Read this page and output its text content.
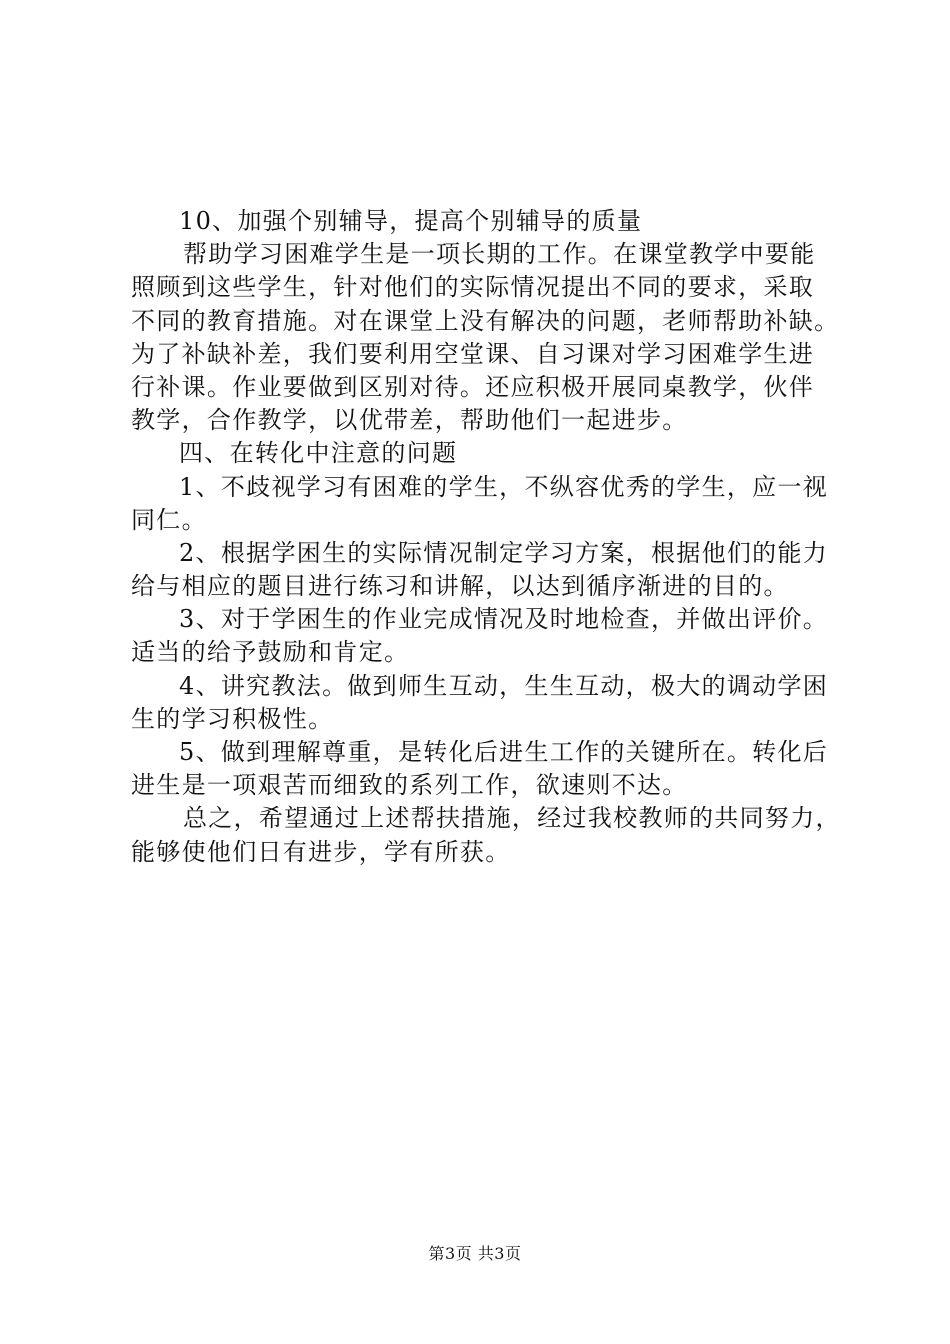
10、加强个别辅导，提高个别辅导的质量
帮助学习困难学生是一项长期的工作。在课堂教学中要能
照顾到这些学生，针对他们的实际情况提出不同的要求，采取
不同的教育措施。对在课堂上没有解决的问题，老师帮助补缺。
为了补缺补差，我们要利用空堂课、自习课对学习困难学生进
行补课。作业要做到区别对待。还应积极开展同桌教学，伙伴
教学，合作教学，以优带差，帮助他们一起进步。
四、在转化中注意的问题
1、不歧视学习有困难的学生，不纵容优秀的学生，应一视
同仁。
2、根据学困生的实际情况制定学习方案，根据他们的能力
给与相应的题目进行练习和讲解，以达到循序渐进的目的。
3、对于学困生的作业完成情况及时地检查，并做出评价。
适当的给予鼓励和肯定。
4、讲究教法。做到师生互动，生生互动，极大的调动学困
生的学习积极性。
5、做到理解尊重，是转化后进生工作的关键所在。转化后
进生是一项艰苦而细致的系列工作，欲速则不达。
总之，希望通过上述帮扶措施，经过我校教师的共同努力，
能够使他们日有进步，学有所获。
第3页 共3页
